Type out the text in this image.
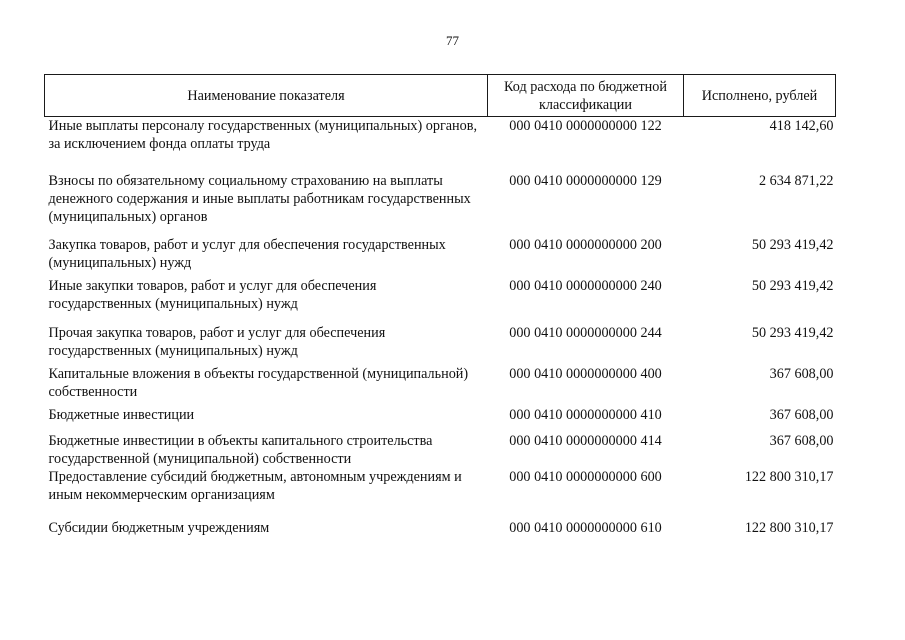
77
Наименование показателя	Код расхода по бюджетной классификации	Исполнено, рублей
Иные выплаты персоналу государственных (муниципальных) органов, за исключением фонда оплаты труда	000 0410 0000000000 122	418 142,60
Взносы по обязательному социальному страхованию на выплаты денежного содержания и иные выплаты работникам государственных (муниципальных) органов	000 0410 0000000000 129	2 634 871,22
Закупка товаров, работ и услуг для обеспечения государственных (муниципальных) нужд	000 0410 0000000000 200	50 293 419,42
Иные закупки товаров, работ и услуг для обеспечения государственных (муниципальных) нужд	000 0410 0000000000 240	50 293 419,42
Прочая закупка товаров, работ и услуг для обеспечения государственных (муниципальных) нужд	000 0410 0000000000 244	50 293 419,42
Капитальные вложения в объекты государственной (муниципальной) собственности	000 0410 0000000000 400	367 608,00
Бюджетные инвестиции	000 0410 0000000000 410	367 608,00
Бюджетные инвестиции в объекты капитального строительства государственной (муниципальной) собственности	000 0410 0000000000 414	367 608,00
Предоставление субсидий бюджетным, автономным учреждениям и иным некоммерческим организациям	000 0410 0000000000 600	122 800 310,17
Субсидии бюджетным учреждениям	000 0410 0000000000 610	122 800 310,17
